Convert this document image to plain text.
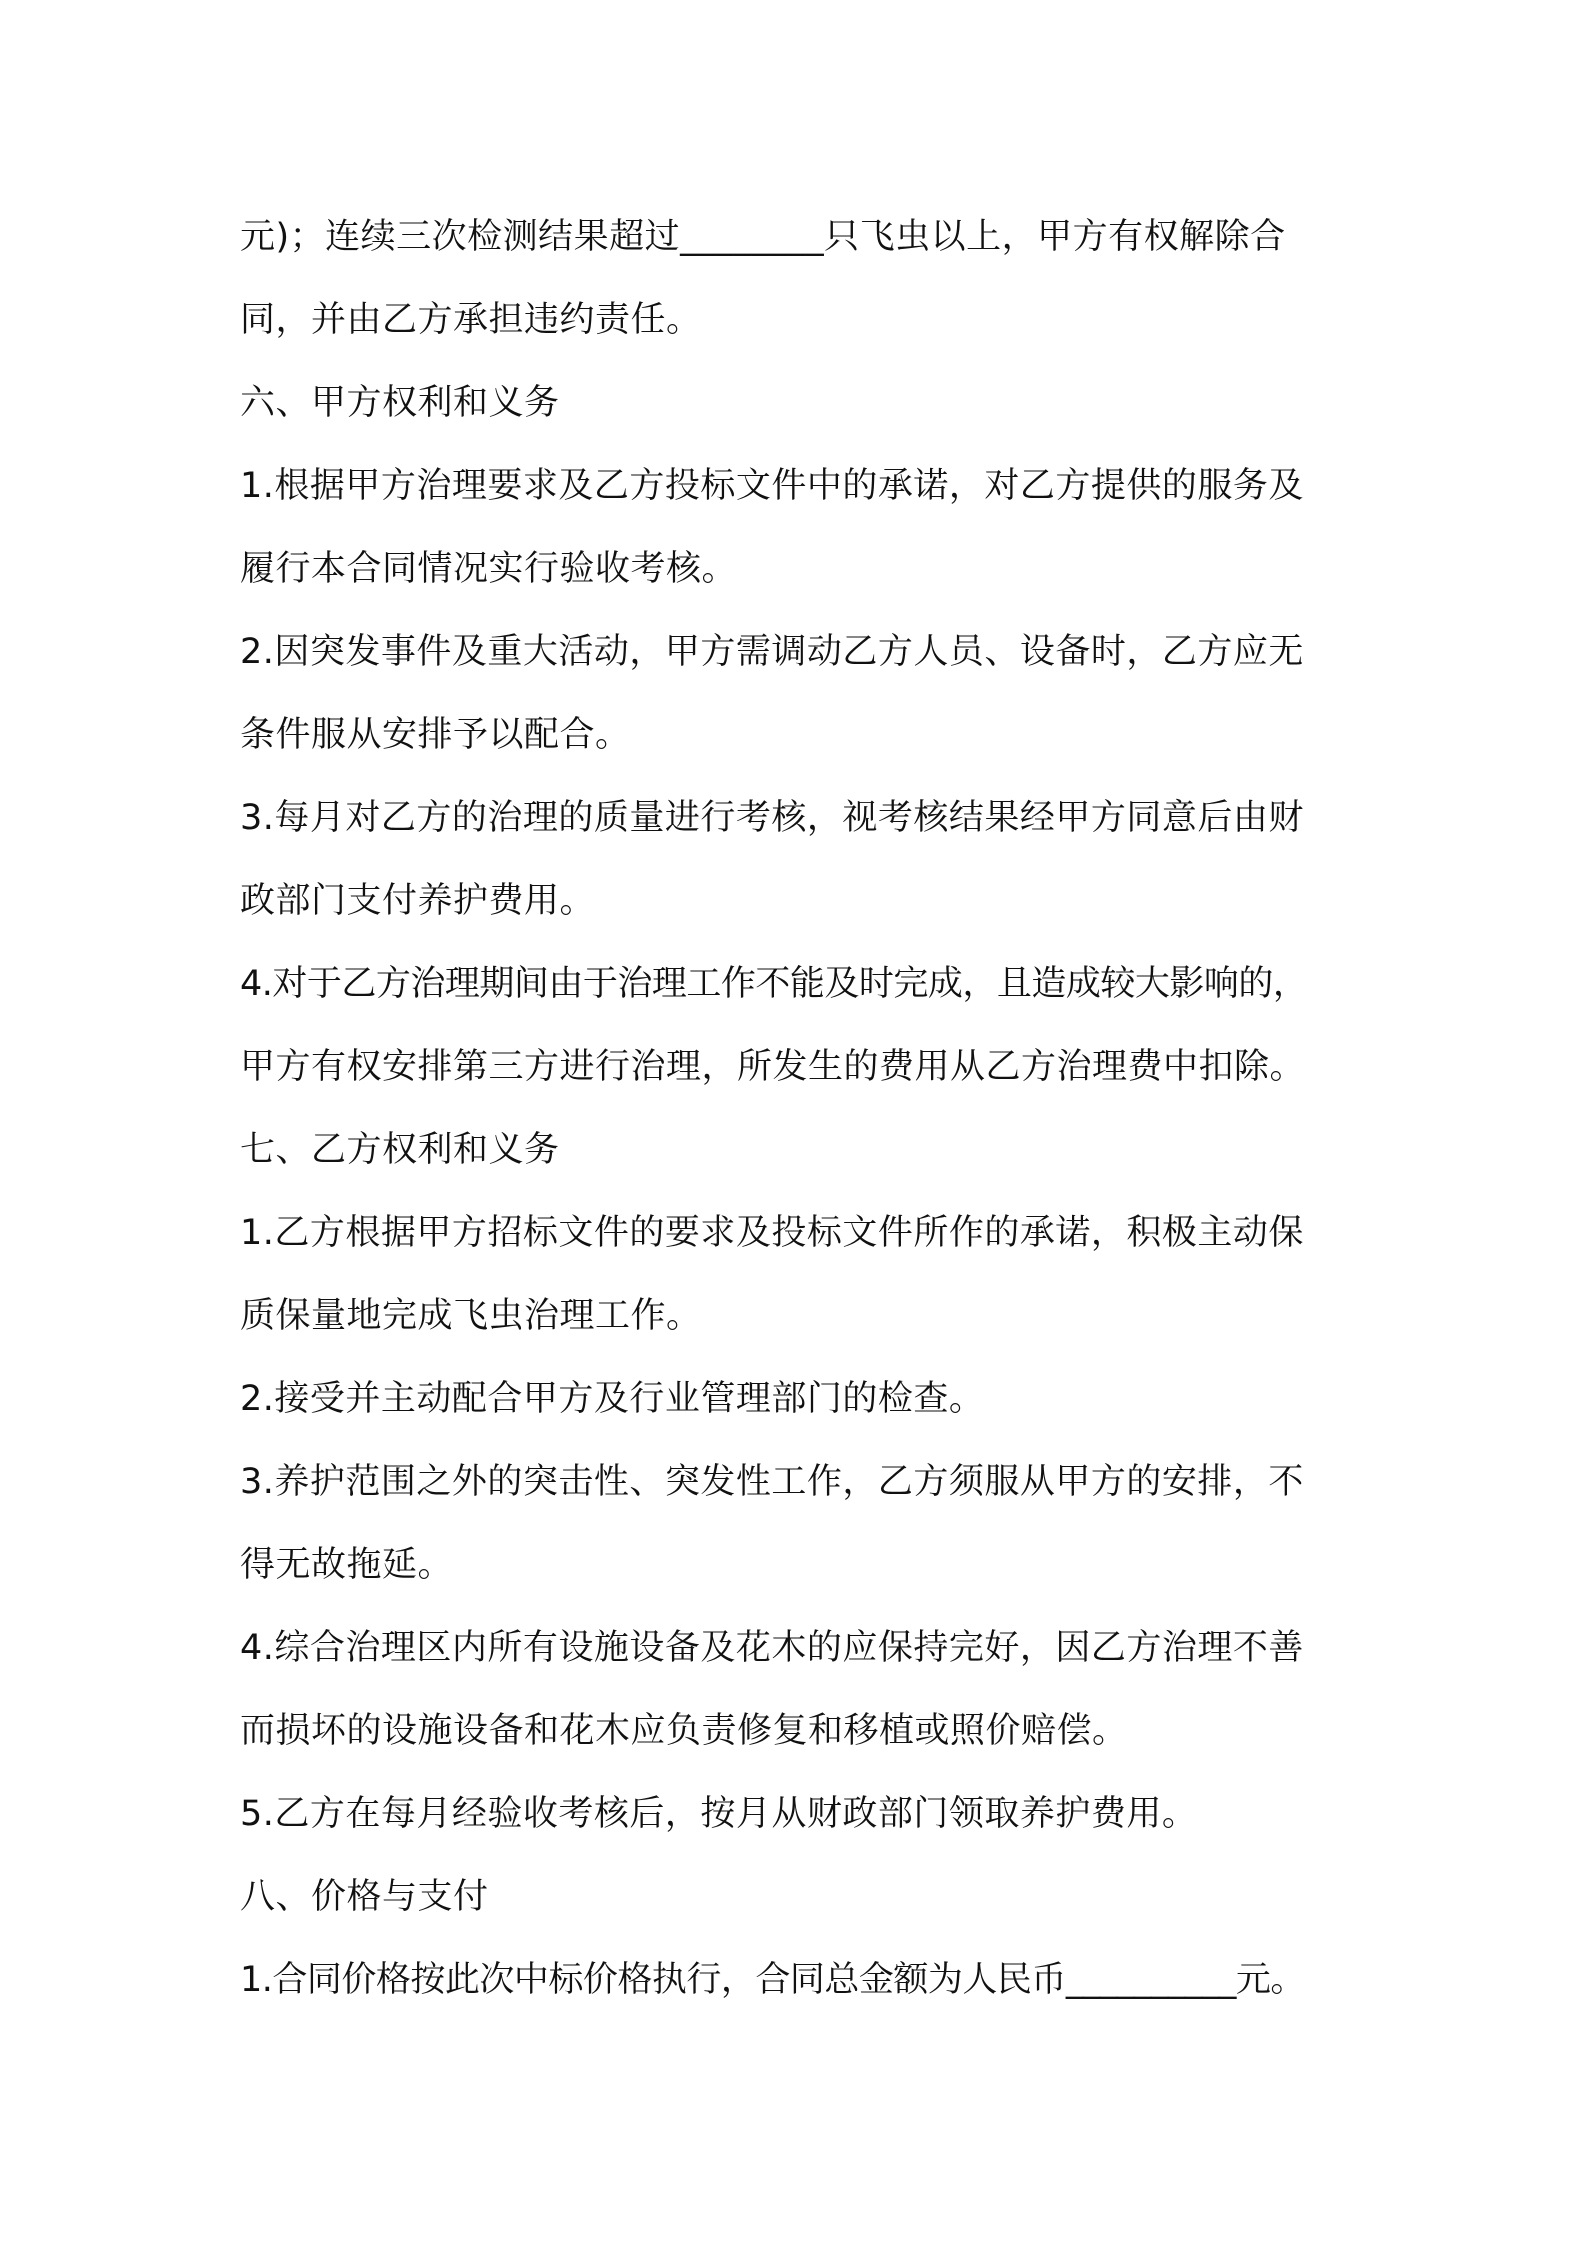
元)；连续三次检测结果超过________只飞虫以上，甲方有权解除合
同，并由乙方承担违约责任。
六、甲方权利和义务
1.根据甲方治理要求及乙方投标文件中的承诺，对乙方提供的服务及
履行本合同情况实行验收考核。
2.因突发事件及重大活动，甲方需调动乙方人员、设备时，乙方应无
条件服从安排予以配合。
3.每月对乙方的治理的质量进行考核，视考核结果经甲方同意后由财
政部门支付养护费用。
4.对于乙方治理期间由于治理工作不能及时完成，且造成较大影响的，
甲方有权安排第三方进行治理，所发生的费用从乙方治理费中扣除。
七、乙方权利和义务
1.乙方根据甲方招标文件的要求及投标文件所作的承诺，积极主动保
质保量地完成飞虫治理工作。
2.接受并主动配合甲方及行业管理部门的检查。
3.养护范围之外的突击性、突发性工作，乙方须服从甲方的安排，不
得无故拖延。
4.综合治理区内所有设施设备及花木的应保持完好，因乙方治理不善
而损坏的设施设备和花木应负责修复和移植或照价赔偿。
5.乙方在每月经验收考核后，按月从财政部门领取养护费用。
八、价格与支付
1.合同价格按此次中标价格执行，合同总金额为人民币__________元。
